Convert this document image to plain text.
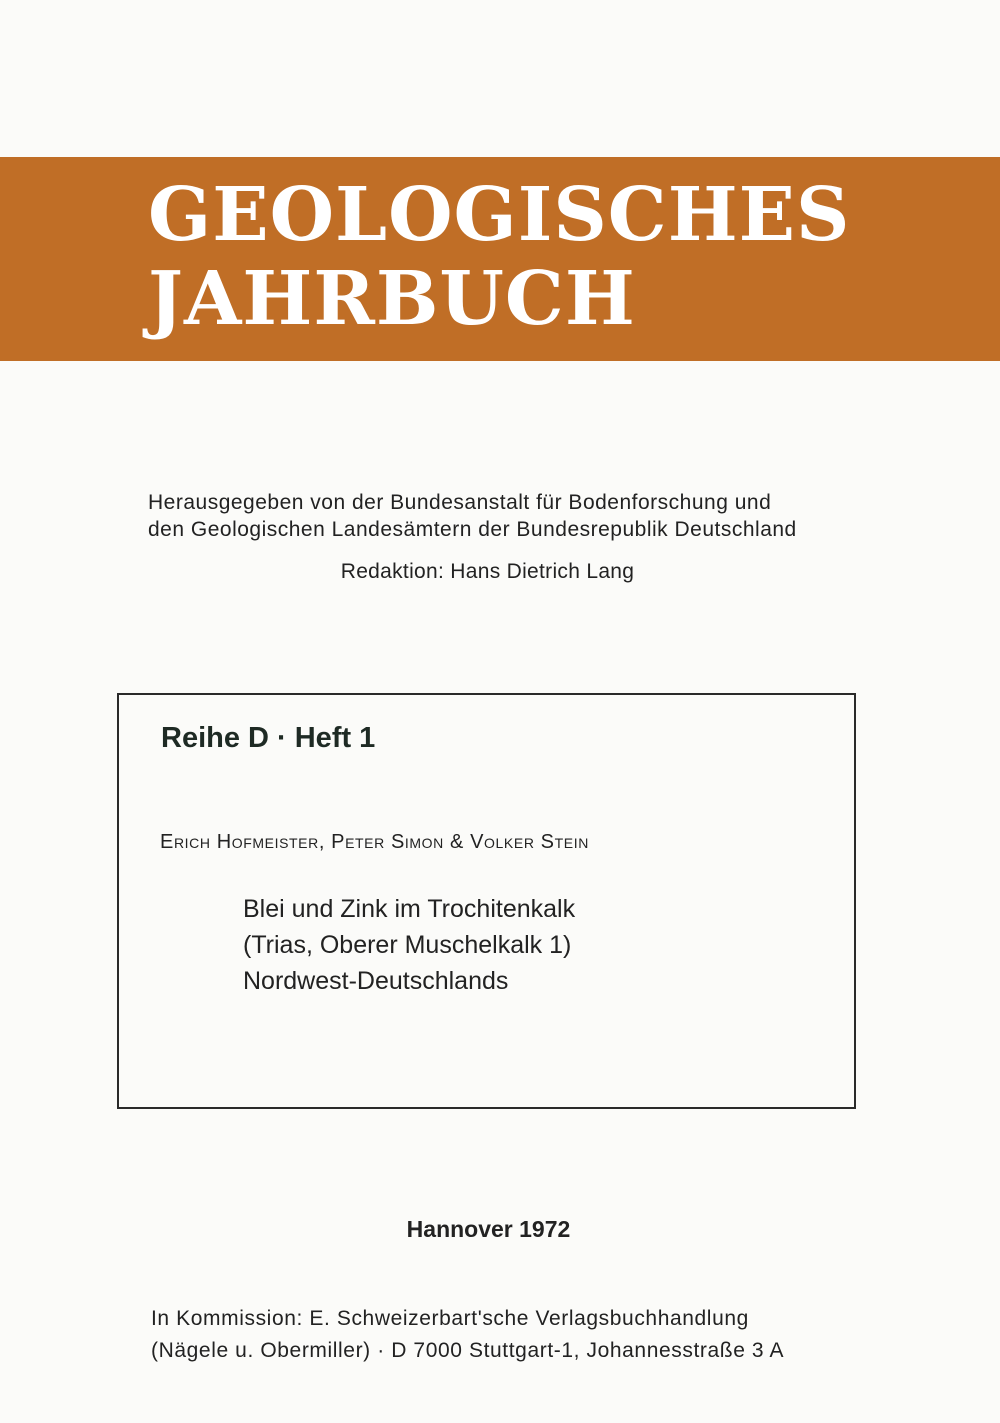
GEOLOGISCHES
JAHRBUCH
Herausgegeben von der Bundesanstalt für Bodenforschung und
den Geologischen Landesämtern der Bundesrepublik Deutschland
Redaktion: Hans Dietrich Lang
Reihe D · Heft 1
Erich Hofmeister, Peter Simon & Volker Stein
Blei und Zink im Trochitenkalk
(Trias, Oberer Muschelkalk 1)
Nordwest-Deutschlands
Hannover 1972
In Kommission: E. Schweizerbart'sche Verlagsbuchhandlung
(Nägele u. Obermiller) · D 7000 Stuttgart-1, Johannesstraße 3 A
